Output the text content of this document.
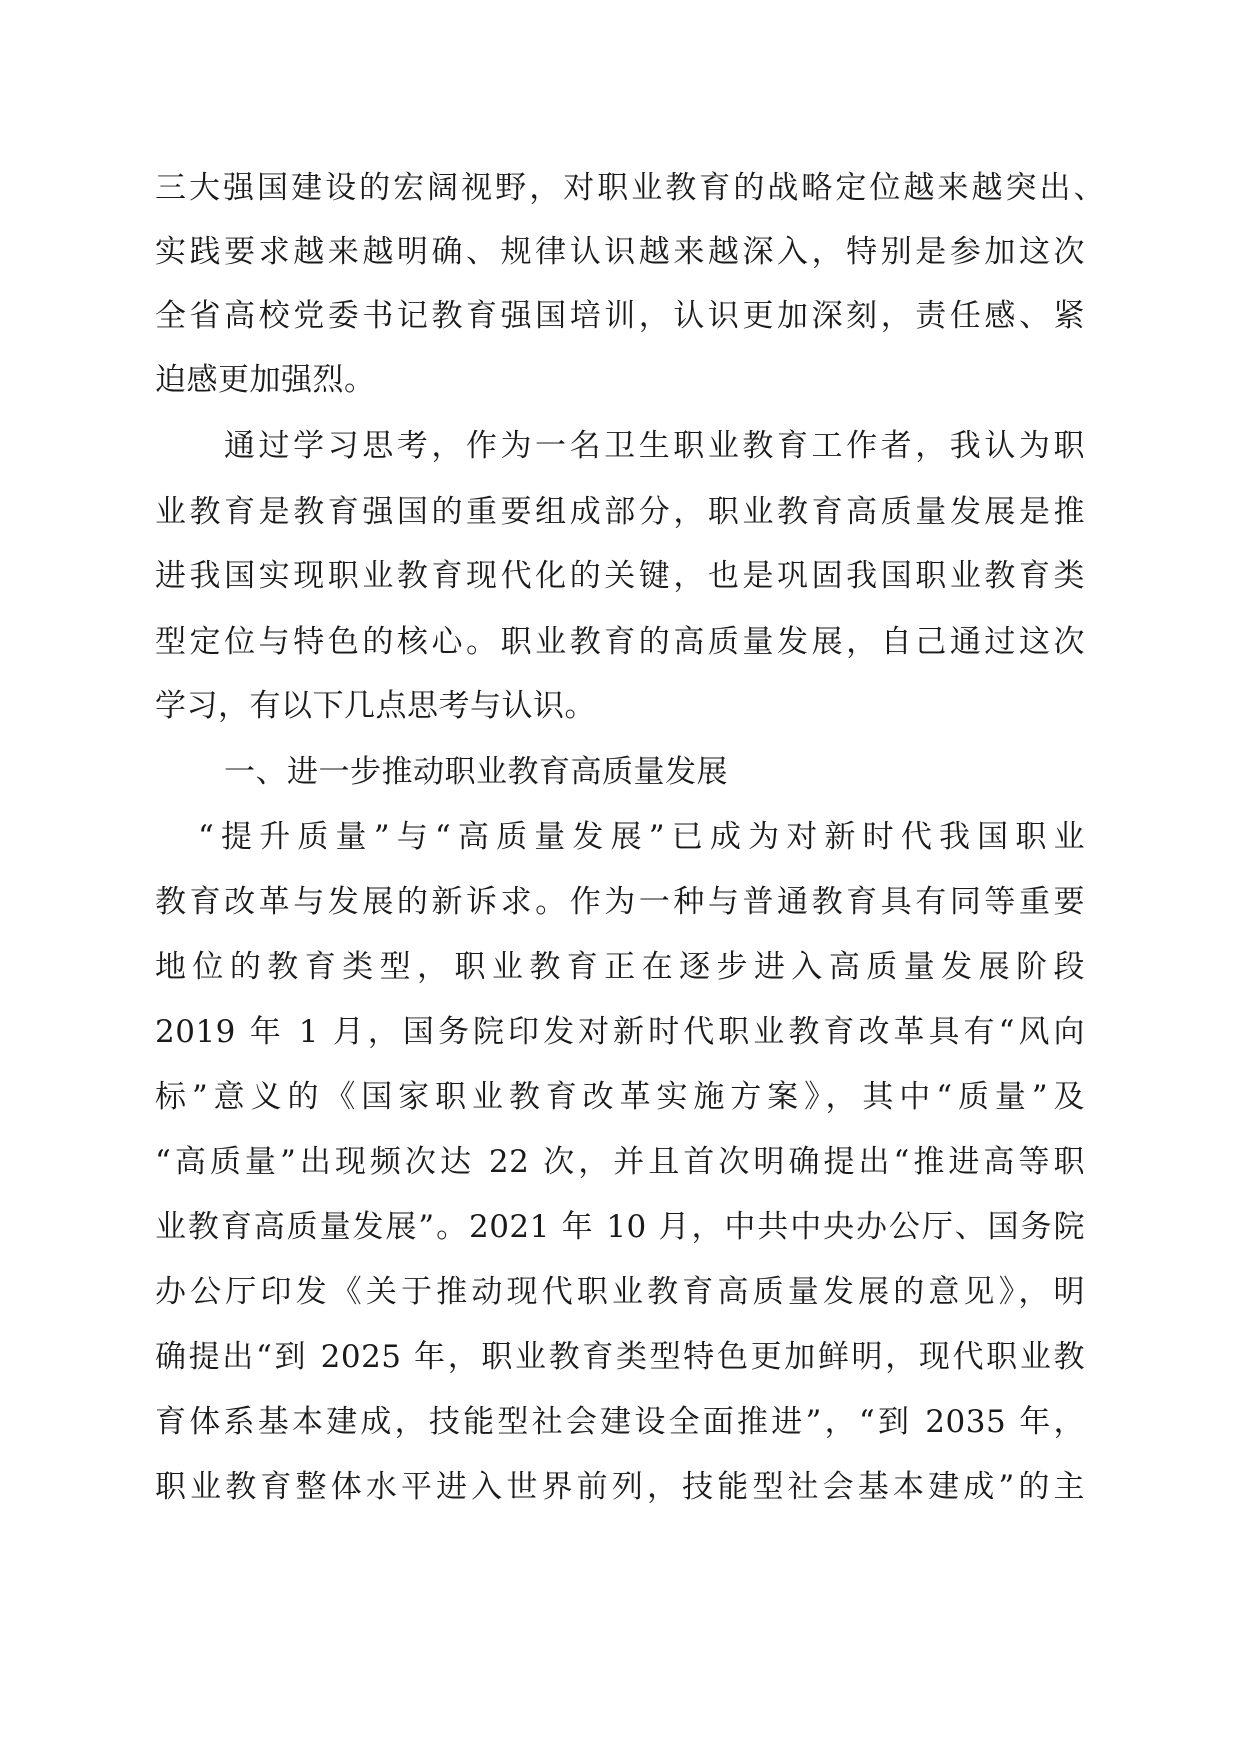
三大强国建设的宏阔视野，对职业教育的战略定位越来越突出、
实践要求越来越明确、规律认识越来越深入，特别是参加这次
全省高校党委书记教育强国培训，认识更加深刻，责任感、紧
迫感更加强烈。
通过学习思考，作为一名卫生职业教育工作者，我认为职
业教育是教育强国的重要组成部分，职业教育高质量发展是推
进我国实现职业教育现代化的关键，也是巩固我国职业教育类
型定位与特色的核心。职业教育的高质量发展，自己通过这次
学习，有以下几点思考与认识。
一、进一步推动职业教育高质量发展
“提升质量”与“高质量发展”已成为对新时代我国职业
教育改革与发展的新诉求。作为一种与普通教育具有同等重要
地位的教育类型，职业教育正在逐步进入高质量发展阶段
2019 年 1 月，国务院印发对新时代职业教育改革具有“风向
标”意义的《国家职业教育改革实施方案》，其中“质量”及
“高质量”出现频次达 22 次，并且首次明确提出“推进高等职
业教育高质量发展”。2021 年 10 月，中共中央办公厅、国务院
办公厅印发《关于推动现代职业教育高质量发展的意见》，明
确提出“到 2025 年，职业教育类型特色更加鲜明，现代职业教
育体系基本建成，技能型社会建设全面推进”，“到 2035 年，
职业教育整体水平进入世界前列，技能型社会基本建成”的主
